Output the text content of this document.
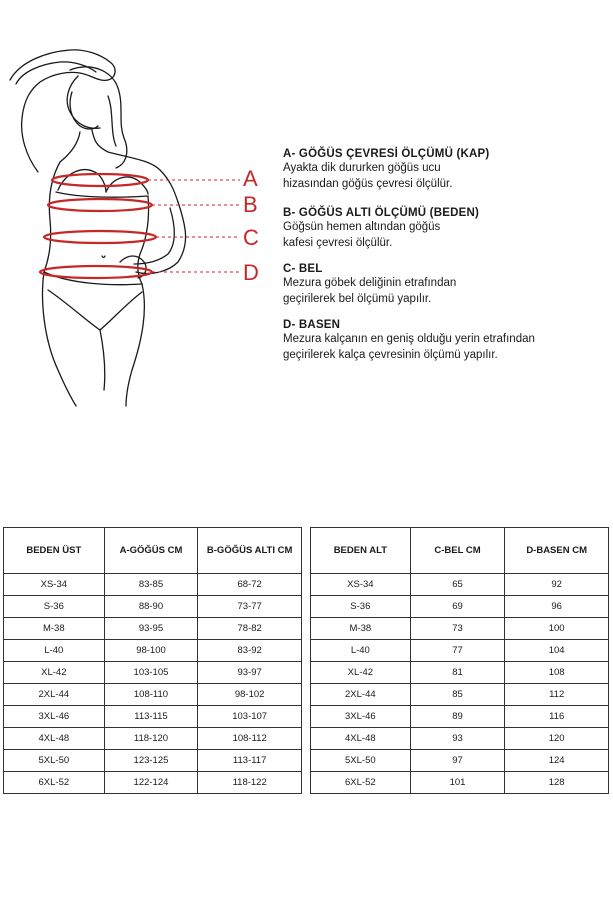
A
B
C
D
A- GÖĞÜS ÇEVRESİ ÖLÇÜMÜ (KAP)
Ayakta dik dururken göğüs ucu
hizasından göğüs çevresi ölçülür.
B- GÖĞÜS ALTI ÖLÇÜMÜ (BEDEN)
Göğsün hemen altından göğüs
kafesi çevresi ölçülür.
C- BEL
Mezura göbek deliğinin etrafından
geçirilerek bel ölçümü yapılır.
D- BASEN
Mezura kalçanın en geniş olduğu yerin etrafından
geçirilerek kalça çevresinin ölçümü yapılır.
BEDEN ÜST	A-GÖĞÜS CM	B-GÖĞÜS ALTI CM
XS-34	83-85	68-72
S-36	88-90	73-77
M-38	93-95	78-82
L-40	98-100	83-92
XL-42	103-105	93-97
2XL-44	108-110	98-102
3XL-46	113-115	103-107
4XL-48	118-120	108-112
5XL-50	123-125	113-117
6XL-52	122-124	118-122
BEDEN ALT	C-BEL CM	D-BASEN CM
XS-34	65	92
S-36	69	96
M-38	73	100
L-40	77	104
XL-42	81	108
2XL-44	85	112
3XL-46	89	116
4XL-48	93	120
5XL-50	97	124
6XL-52	101	128
